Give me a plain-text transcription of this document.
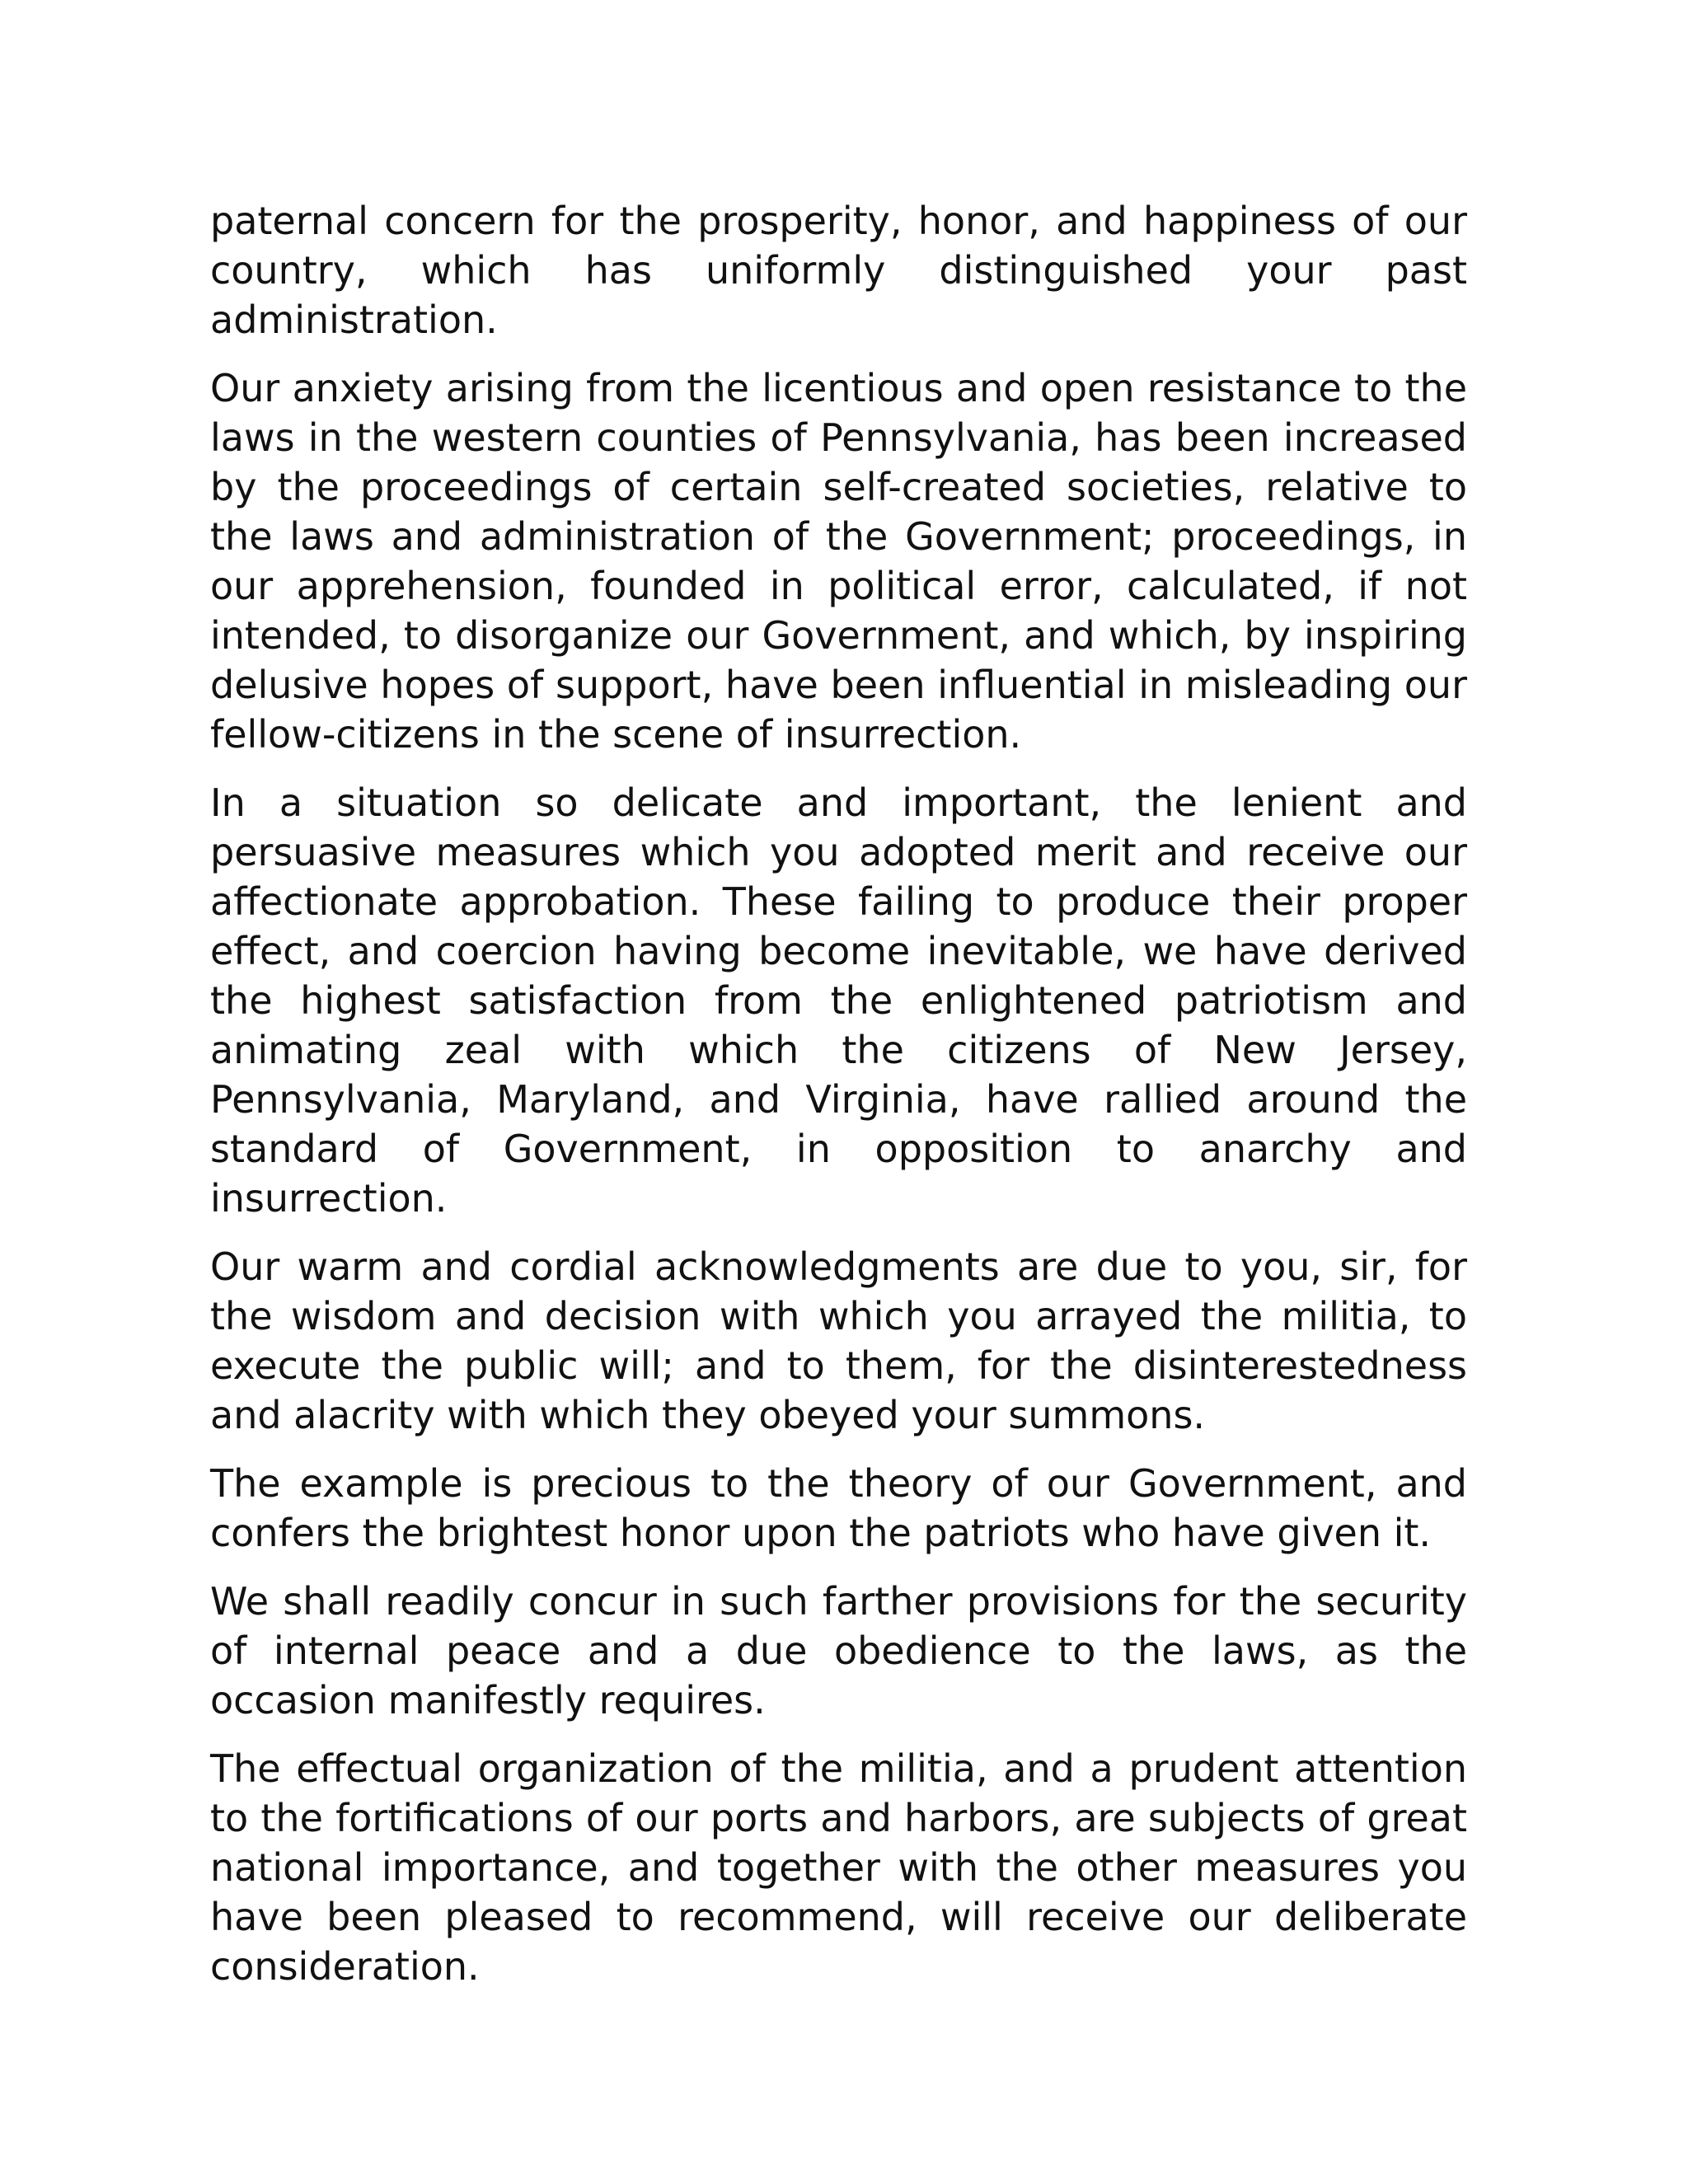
paternal concern for the prosperity, honor, and happiness of our country, which has uniformly distinguished your past administration.

Our anxiety arising from the licentious and open resistance to the laws in the western counties of Pennsylvania, has been increased by the proceedings of certain self-created societies, relative to the laws and administration of the Government; proceedings, in our apprehension, founded in political error, calculated, if not intended, to disorganize our Government, and which, by inspiring delusive hopes of support, have been influential in misleading our fellow-citizens in the scene of insurrection.

In a situation so delicate and important, the lenient and persuasive measures which you adopted merit and receive our affectionate approbation. These failing to produce their proper effect, and coercion having become inevitable, we have derived the highest satisfaction from the enlightened patriotism and animating zeal with which the citizens of New Jersey, Pennsylvania, Maryland, and Virginia, have rallied around the standard of Government, in opposition to anarchy and insurrection.

Our warm and cordial acknowledgments are due to you, sir, for the wisdom and decision with which you arrayed the militia, to execute the public will; and to them, for the disinterestedness and alacrity with which they obeyed your summons.

The example is precious to the theory of our Government, and confers the brightest honor upon the patriots who have given it.

We shall readily concur in such farther provisions for the security of internal peace and a due obedience to the laws, as the occasion manifestly requires.

The effectual organization of the militia, and a prudent attention to the fortifications of our ports and harbors, are subjects of great national importance, and together with the other measures you have been pleased to recommend, will receive our deliberate consideration.
